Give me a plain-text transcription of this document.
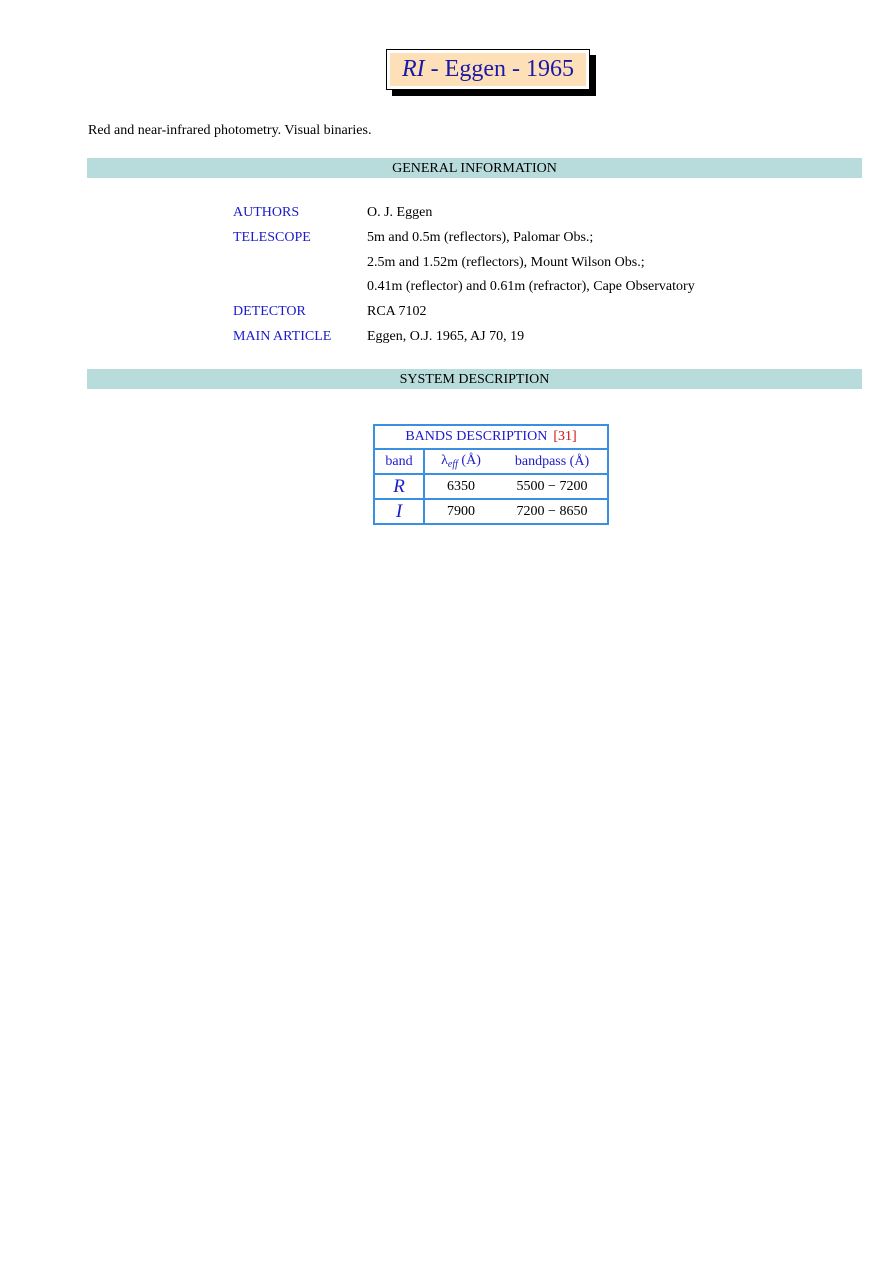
RI - Eggen - 1965
Red and near-infrared photometry. Visual binaries.
GENERAL INFORMATION
AUTHORS	O. J. Eggen
TELESCOPE	5m and 0.5m (reflectors), Palomar Obs.;
2.5m and 1.52m (reflectors), Mount Wilson Obs.;
0.41m (reflector) and 0.61m (refractor), Cape Observatory
DETECTOR	RCA 7102
MAIN ARTICLE	Eggen, O.J. 1965, AJ 70, 19
SYSTEM DESCRIPTION
BANDS DESCRIPTION [31]		
band	$\lambda_{eff}$ (Å)	bandpass (Å)
R	6350	5500 − 7200
I	7900	7200 − 8650
